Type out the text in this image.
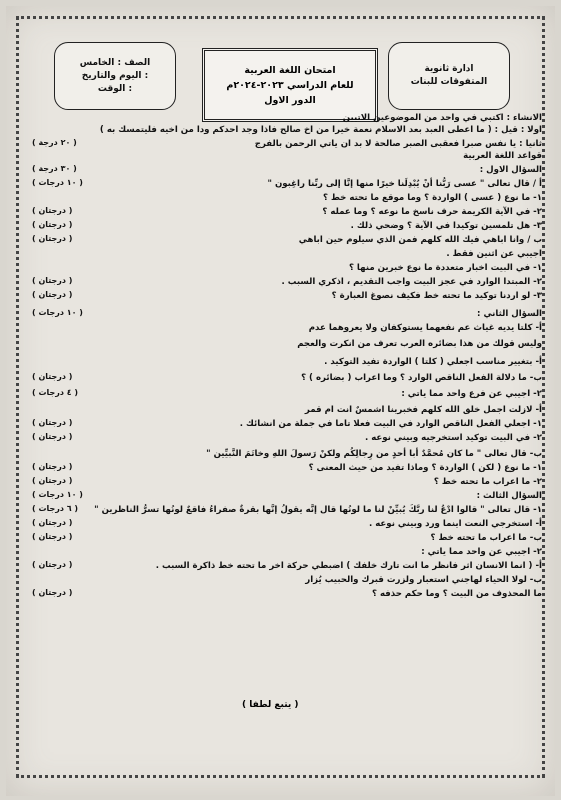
ادارة ثانوية
المتفوقات للبنات
امتحان اللغة العربية
للعام الدراسي ٢٠٢٣-٢٠٢٤م
الدور الاول
الصف : الخامس
اليوم والتاريخ :
الوقت :
الانشاء : اكتبي في واحد من الموضوعين الاتيين
اولا : قيل : ( ما اعطى العبد بعد الاسلام نعمة خيرا من اخ صالح فاذا وجد احدكم ودا من اخيه فليتمسك به )
ثانيا : يا نفس صبرا فعقبى الصبر صالحة لا بد ان ياتي الرحمن بالفرج
( ٢٠ درجة )
قواعد اللغة العربية
السؤال الاول :
( ٣٠ درجة )
أ / قال تعالى " عسى رَبُّنا أنْ يُبْدِلَنا خيرًا منها إنَّا إلى ربِّنا راغِبون "
( ١٠ درجات )
١- ما نوع ( عسى ) الواردة ؟ وما موقع ما تحته خط ؟
٢- في الآية الكريمة حرف ناسخ ما نوعه ؟ وما عمله ؟
( درجتان )
٣- هل تلمسين توكيدا في الآية ؟ وضحي ذلك .
( درجتان )
ب / وانا اباهي فيك الله كلهم فمن الذي سيلوم حين اباهي
( درجتان )
اجيبي عن اثنين فقط .
١- في البيت اخبار متعددة ما نوع خبرين منها ؟
٢- المبتدا الوارد في عجز البيت واجب التقديم ، اذكري السبب .
( درجتان )
٣- لو اردنا توكيد ما تحته خط فكيف نصوغ العبارة ؟
( درجتان )
السؤال الثاني :
( ١٠ درجات )
أ- كلتا يديه غياث عم نفعهما يستوكفان ولا يعروهما عدم
وليس قولك من هذا بضائره العرب تعرف من انكرت والعجم
أ- بتغيير مناسب اجعلي ( كلتا ) الواردة تفيد التوكيد .
ب- ما دلالة الفعل الناقص الوارد ؟ وما اعراب ( بضائره ) ؟
( درجتان )
٢- اجيبي عن فرع واحد مما ياتي :
( ٤ درجات )
أ- لازلت اجمل خلق الله كلهم فخبرينا اشمسٌ انت ام قمر
١- اجعلي الفعل الناقص الوارد في البيت فعلا تاما في جملة من انشائك .
( درجتان )
٢- في البيت توكيد استخرجيه وبيني نوعه .
( درجتان )
ب- قال تعالى " ما كان مُحمَّدٌ أبا أحدٍ من رِجالِكُم ولكنْ رَسولَ اللهِ وخاتَمَ النَّبيِّين "
١- ما نوع ( لكن ) الواردة ؟ وماذا تفيد من حيث المعنى ؟
( درجتان )
٢- ما اعراب ما تحته خط ؟
( درجتان )
السؤال الثالث :
( ١٠ درجات )
١- قال تعالى " قالوا ادْعُ لنا ربَّكَ يُبيِّنْ لنا ما لونُها قال إنَّه يقولُ إنَّها بقرةٌ صفراءُ فاقعٌ لونُها تسرُّ الناظرين "
( ٦ درجات )
أ- استخرجي النعت اينما ورد وبيني نوعه .
( درجتان )
ب- ما اعراب ما تحته خط ؟
( درجتان )
٢- اجيبي عن واحد مما ياتي :
أ- ( انما الانسان اثر فانظر ما انت تارك خلفك ) اضبطي حركة اخر ما تحته خط ذاكرة السبب .
( درجتان )
ب- لولا الحياء لهاجني استعبار ولزرت قبرك والحبيب يُزار
ما المحذوف من البيت ؟ وما حكم حذفه ؟
( درجتان )
( يتبع لطفا )
